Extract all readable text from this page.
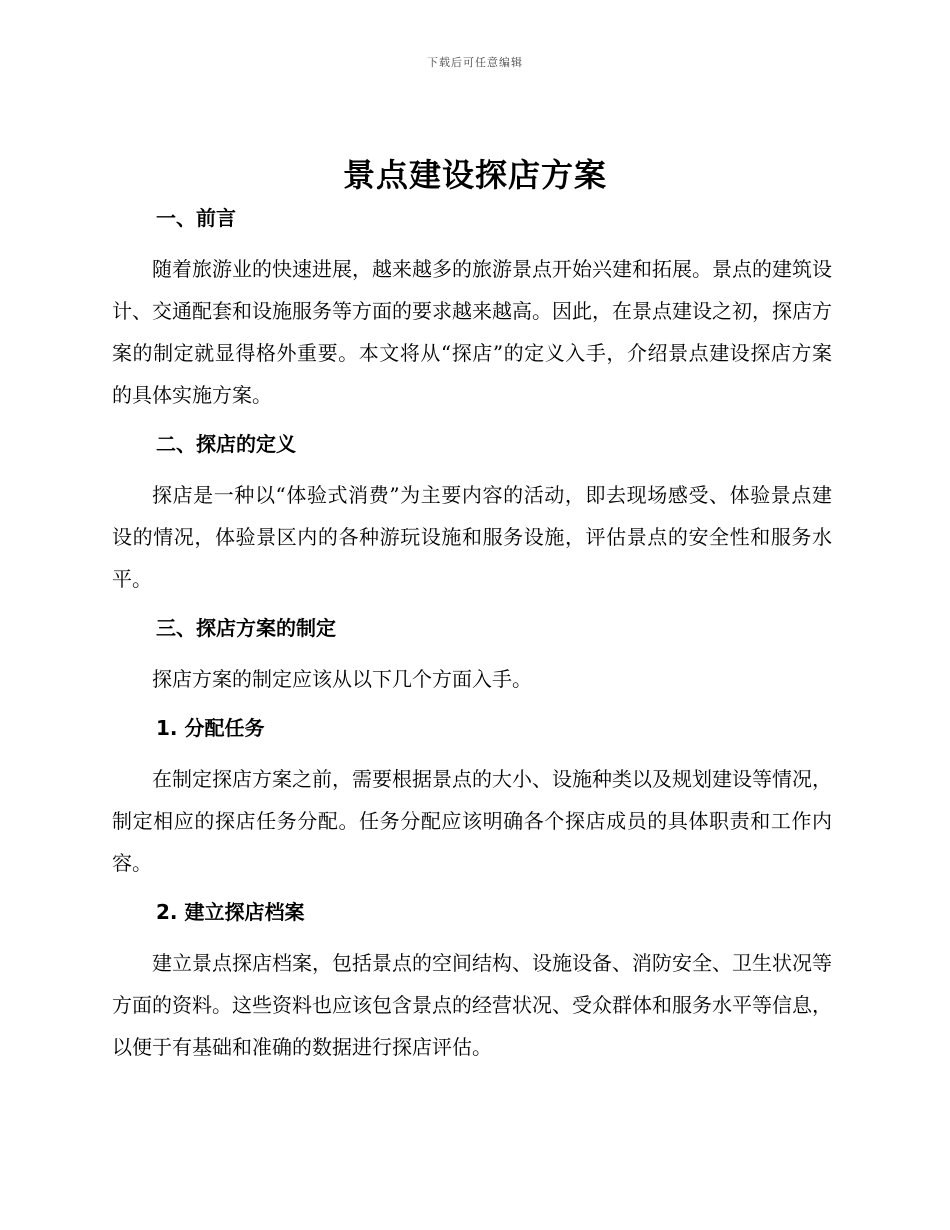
下载后可任意编辑
景点建设探店方案
一、前言

随着旅游业的快速进展，越来越多的旅游景点开始兴建和拓展。景点的建筑设计、交通配套和设施服务等方面的要求越来越高。因此，在景点建设之初，探店方案的制定就显得格外重要。本文将从“探店”的定义入手，介绍景点建设探店方案的具体实施方案。

二、探店的定义

探店是一种以“体验式消费”为主要内容的活动，即去现场感受、体验景点建设的情况，体验景区内的各种游玩设施和服务设施，评估景点的安全性和服务水平。

三、探店方案的制定

探店方案的制定应该从以下几个方面入手。

1. 分配任务

在制定探店方案之前，需要根据景点的大小、设施种类以及规划建设等情况，制定相应的探店任务分配。任务分配应该明确各个探店成员的具体职责和工作内容。

2. 建立探店档案

建立景点探店档案，包括景点的空间结构、设施设备、消防安全、卫生状况等方面的资料。这些资料也应该包含景点的经营状况、受众群体和服务水平等信息，以便于有基础和准确的数据进行探店评估。
